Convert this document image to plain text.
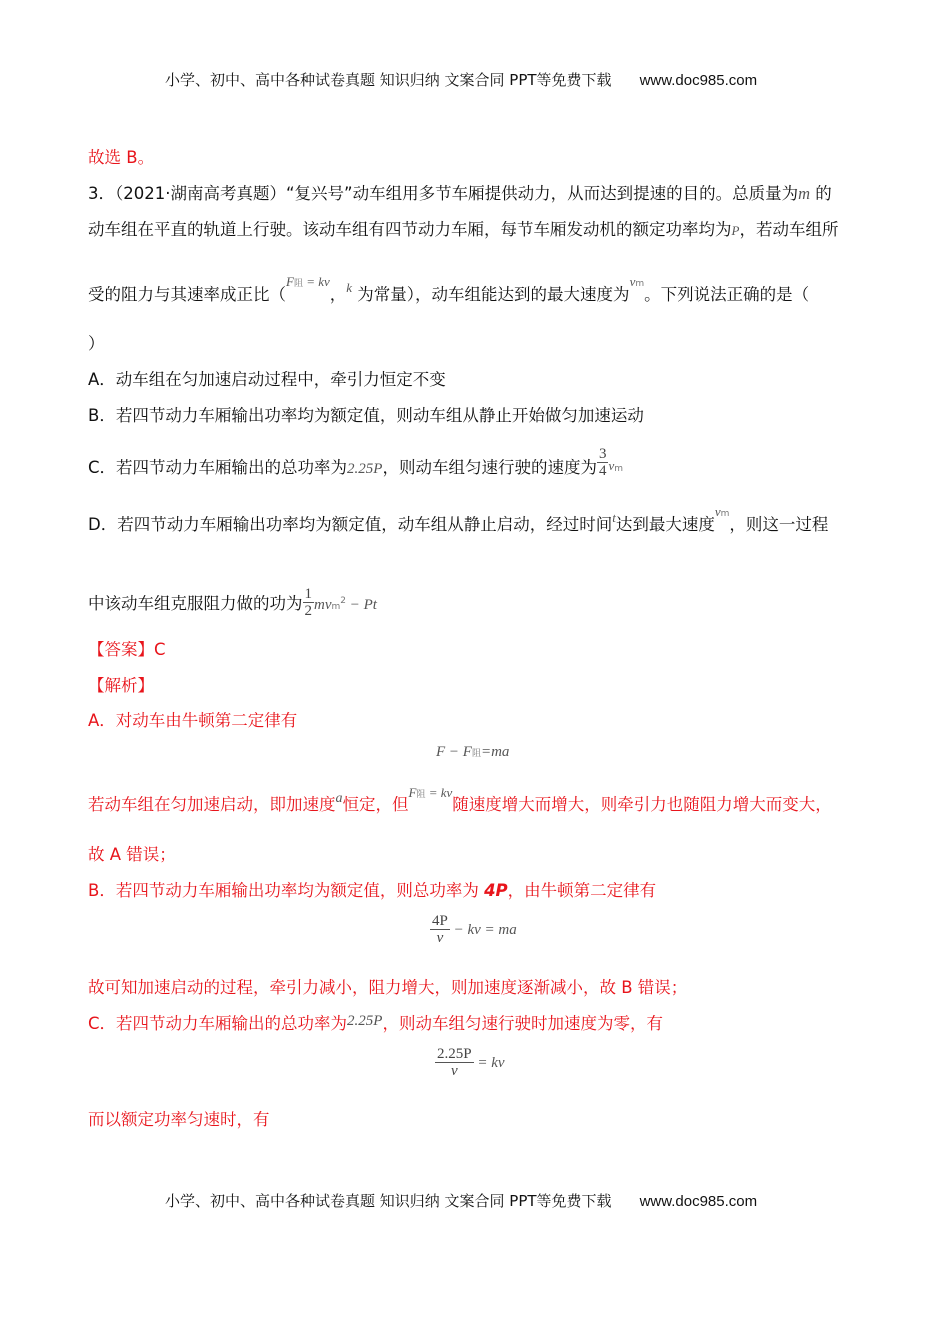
小学、初中、高中各种试卷真题 知识归纳 文案合同 PPT等免费下载 www.doc985.com
故选 B。
3．（2021·湖南高考真题）“复兴号”动车组用多节车厢提供动力，从而达到提速的目的。总质量为m 的
动车组在平直的轨道上行驶。该动车组有四节动力车厢，每节车厢发动机的额定功率均为P，若动车组所
受的阻力与其速率成正比（F阻 = kv，$^k$ 为常量），动车组能达到的最大速度为vm。下列说法正确的是（
）
A．动车组在匀加速启动过程中，牵引力恒定不变
B．若四节动力车厢输出功率均为额定值，则动车组从静止开始做匀加速运动
C．若四节动力车厢输出的总功率为2.25P，则动车组匀速行驶的速度为 $\frac{3}{4}$ vm
D．若四节动力车厢输出功率均为额定值，动车组从静止启动，经过时间$^t$达到最大速度vm，则这一过程
中该动车组克服阻力做的功为 $\frac{1}{2} mvm^2 - Pt$
【答案】C
【解析】
A．对动车由牛顿第二定律有
F − F阻=ma
若动车组在匀加速启动，即加速度$^a$恒定，但F阻 = kv随速度增大而增大，则牵引力也随阻力增大而变大，
故 A 错误；
B．若四节动力车厢输出功率均为额定值，则总功率为 4P，由牛顿第二定律有
$\frac{4P}{v}$ − kv = ma
故可知加速启动的过程，牵引力减小，阻力增大，则加速度逐渐减小，故 B 错误；
C．若四节动力车厢输出的总功率为2.25P，则动车组匀速行驶时加速度为零，有
$\frac{2.25P}{v}$ = kv
而以额定功率匀速时，有
小学、初中、高中各种试卷真题 知识归纳 文案合同 PPT等免费下载 www.doc985.com
